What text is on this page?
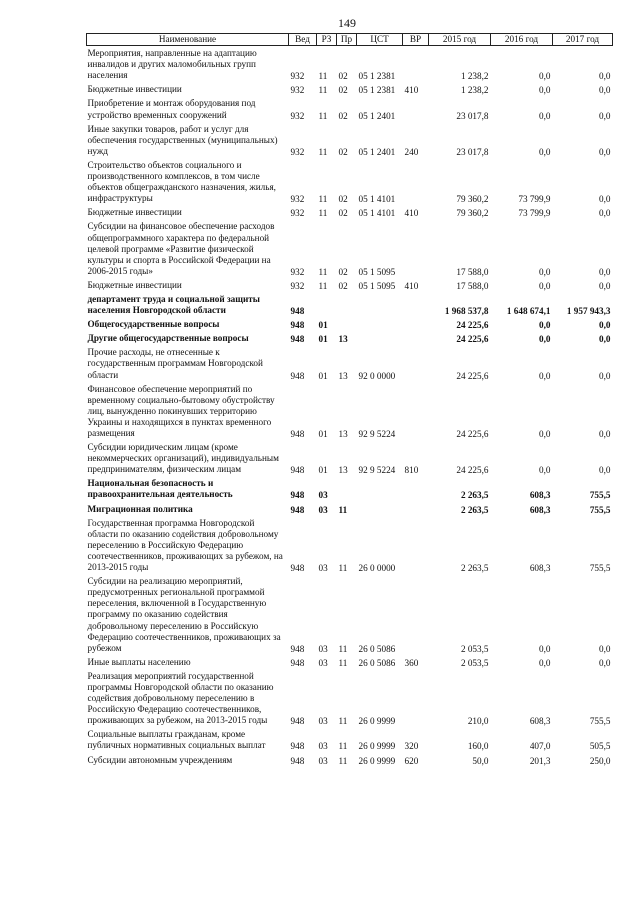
149
Наименование	Вед	РЗ	Пр	ЦСТ	ВР	2015 год	2016 год	2017 год
Мероприятия, направленные на адаптацию инвалидов и других маломобильных групп населения	932	11	02	05 1 2381		1 238,2	0,0	0,0
Бюджетные инвестиции	932	11	02	05 1 2381	410	1 238,2	0,0	0,0
Приобретение и монтаж оборудования под устройство временных сооружений	932	11	02	05 1 2401		23 017,8	0,0	0,0
Иные закупки товаров, работ и услуг для обеспечения государственных (муниципальных) нужд	932	11	02	05 1 2401	240	23 017,8	0,0	0,0
Строительство объектов социального и производственного комплексов, в том числе объектов общегражданского назначения, жилья, инфраструктуры	932	11	02	05 1 4101		79 360,2	73 799,9	0,0
Бюджетные инвестиции	932	11	02	05 1 4101	410	79 360,2	73 799,9	0,0
Субсидии на финансовое обеспечение расходов общепрограммного характера по федеральной целевой программе «Развитие физической культуры и спорта в Российской Федерации на 2006-2015 годы»	932	11	02	05 1 5095		17 588,0	0,0	0,0
Бюджетные инвестиции	932	11	02	05 1 5095	410	17 588,0	0,0	0,0
департамент труда и социальной защиты населения Новгородской области	948					1 968 537,8	1 648 674,1	1 957 943,3
Общегосударственные вопросы	948	01				24 225,6	0,0	0,0
Другие общегосударственные вопросы	948	01	13			24 225,6	0,0	0,0
Прочие расходы, не отнесенные к государственным программам Новгородской области	948	01	13	92 0 0000		24 225,6	0,0	0,0
Финансовое обеспечение мероприятий по временному социально-бытовому обустройству лиц, вынужденно покинувших территорию Украины и находящихся в пунктах временного размещения	948	01	13	92 9 5224		24 225,6	0,0	0,0
Субсидии юридическим лицам (кроме некоммерческих организаций), индивидуальным предпринимателям, физическим лицам	948	01	13	92 9 5224	810	24 225,6	0,0	0,0
Национальная безопасность и правоохранительная деятельность	948	03				2 263,5	608,3	755,5
Миграционная политика	948	03	11			2 263,5	608,3	755,5
Государственная программа Новгородской области по оказанию содействия добровольному переселению в Российскую Федерацию соотечественников, проживающих за рубежом, на 2013-2015 годы	948	03	11	26 0 0000		2 263,5	608,3	755,5
Субсидии на реализацию мероприятий, предусмотренных региональной программой переселения, включенной в Государственную программу по оказанию содействия добровольному переселению в Российскую Федерацию соотечественников, проживающих за рубежом	948	03	11	26 0 5086		2 053,5	0,0	0,0
Иные выплаты населению	948	03	11	26 0 5086	360	2 053,5	0,0	0,0
Реализация мероприятий государственной программы Новгородской области по оказанию содействия добровольному переселению в Российскую Федерацию соотечественников, проживающих за рубежом, на 2013-2015 годы	948	03	11	26 0 9999		210,0	608,3	755,5
Социальные выплаты гражданам, кроме публичных нормативных социальных выплат	948	03	11	26 0 9999	320	160,0	407,0	505,5
Субсидии автономным учреждениям	948	03	11	26 0 9999	620	50,0	201,3	250,0
